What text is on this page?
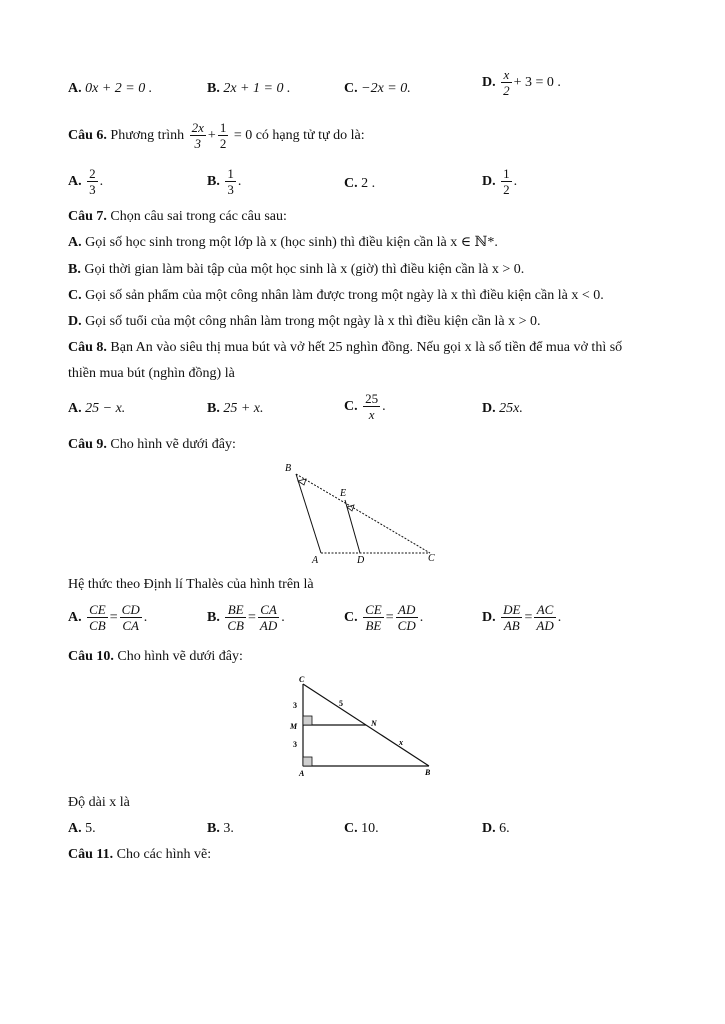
A. 0x + 2 = 0 .	B. 2x + 1 = 0 .	C. −2x = 0.	D. $\frac{x}{2} + 3 = 0$ .
Câu 6. Phương trình $\frac{2x}{3} + \frac{1}{2} = 0$ có hạng tử tự do là:
A. $\frac{2}{3}$ .	B. $\frac{1}{3}$ .	C. 2 .	D. $\frac{1}{2}$ .
Câu 7. Chọn câu sai trong các câu sau:
A. Gọi số học sinh trong một lớp là x (học sinh) thì điều kiện cần là x ∈ ℕ*.
B. Gọi thời gian làm bài tập của một học sinh là x (giờ) thì điều kiện cần là x > 0.
C. Gọi số sản phẩm của một công nhân làm được trong một ngày là x thì điều kiện cần là x < 0.
D. Gọi số tuổi của một công nhân làm trong một ngày là x thì điều kiện cần là x > 0.
Câu 8. Bạn An vào siêu thị mua bút và vở hết 25 nghìn đồng. Nếu gọi x là số tiền để mua vở thì số
thiền mua bút (nghìn đồng) là
A. 25 − x.	B. 25 + x.	C. $\frac{25}{x}$ .	D. 25x.
Câu 9. Cho hình vẽ dưới đây:
B
E
A	D	C
Hệ thức theo Định lí Thalès của hình trên là
A. $\frac{CE}{CB} = \frac{CD}{CA}$ .	B. $\frac{BE}{CB} = \frac{CA}{AD}$ .	C. $\frac{CE}{BE} = \frac{AD}{CD}$ .	D. $\frac{DE}{AB} = \frac{AC}{AD}$ .
Câu 10. Cho hình vẽ dưới đây:
C
M
A
N
B
3
3
5
x
Độ dài x là
A. 5.	B. 3.	C. 10.	D. 6.
Câu 11. Cho các hình vẽ:
